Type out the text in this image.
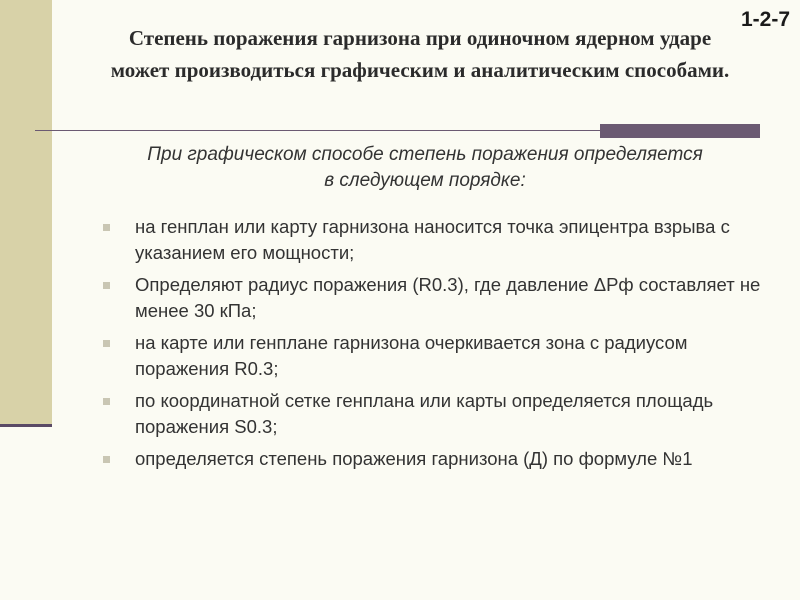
Степень поражения гарнизона при одиночном ядерном ударе может производиться графическим и аналитическим способами.
1-2-7

При графическом способе степень поражения определяется
в следующем порядке:

на генплан или карту гарнизона наносится точка эпицентра взрыва с указанием его мощности;
Определяют радиус поражения (R0.3), где давление ΔРф составляет не менее 30 кПа;
на карте или генплане гарнизона очеркивается зона с радиусом поражения R0.3;
по координатной сетке генплана или карты определяется площадь поражения S0.3;
определяется степень поражения гарнизона (Д) по формуле №1
